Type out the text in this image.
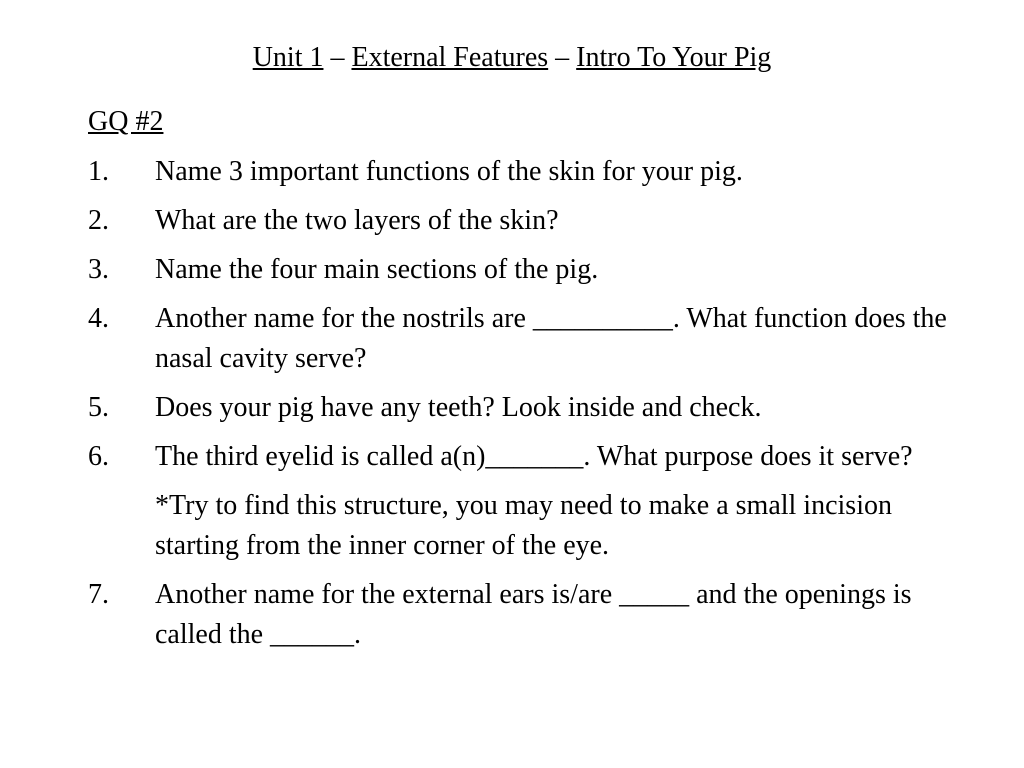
Unit 1 – External Features – Intro To Your Pig
GQ #2
1. Name 3 important functions of the skin for your pig.
2. What are the two layers of the skin?
3. Name the four main sections of the pig.
4. Another name for the nostrils are __________. What function does the nasal cavity serve?
5. Does your pig have any teeth? Look inside and check.
6. The third eyelid is called a(n)_______. What purpose does it serve?
*Try to find this structure, you may need to make a small incision starting from the inner corner of the eye.
7. Another name for the external ears is/are _____ and the openings is called the ______.
